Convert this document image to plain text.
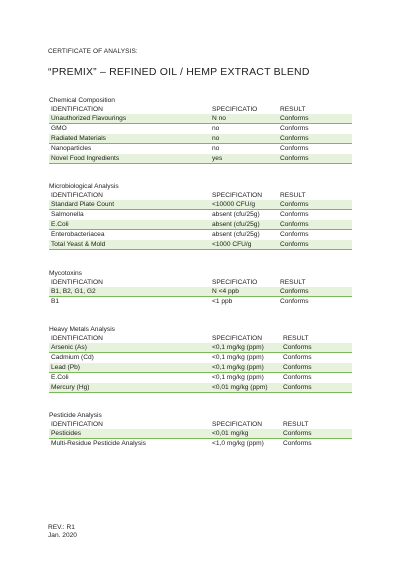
CERTIFICATE OF ANALYSIS:
“PREMIX” – REFINED OIL / HEMP EXTRACT BLEND
Chemical Composition
IDENTIFICATION	SPECIFICATIO	RESULT
Unauthorized Flavourings	N no	Conforms
GMO	no	Conforms
Radiated Materials	no	Conforms
Nanoparticles	no	Conforms
Novel Food Ingredients	yes	Conforms
Microbiological Analysis
IDENTIFICATION	SPECIFICATION	RESULT
Standard Plate Count	<10000 CFU/g	Conforms
Salmonella	absent (cfu/25g)	Conforms
E.Coli	absent (cfu/25g)	Conforms
Enterobacteriacea	absent (cfu/25g)	Conforms
Total Yeast & Mold	<1000 CFU/g	Conforms
Mycotoxins
IDENTIFICATION	SPECIFICATIO	RESULT
B1, B2, G1, G2	N <4 ppb	Conforms
B1	<1 ppb	Conforms
Heavy Metals Analysis
IDENTIFICATION	SPECIFICATION	RESULT
Arsenic (As)	<0,1 mg/kg (ppm)	Conforms
Cadmium (Cd)	<0,1 mg/kg (ppm)	Conforms
Lead (Pb)	<0,1 mg/kg (ppm)	Conforms
E.Coli	<0,1 mg/kg (ppm)	Conforms
Mercury (Hg)	<0,01 mg/kg (ppm) Conforms
Pesticide Analysis
IDENTIFICATION	SPECIFICATION	RESULT
Pesticides	<0,01 mg/kg	Conforms
Multi-Residue Pesticide Analysis	<1,0 mg/kg (ppm)	Conforms
REV.: R1
Jan. 2020
